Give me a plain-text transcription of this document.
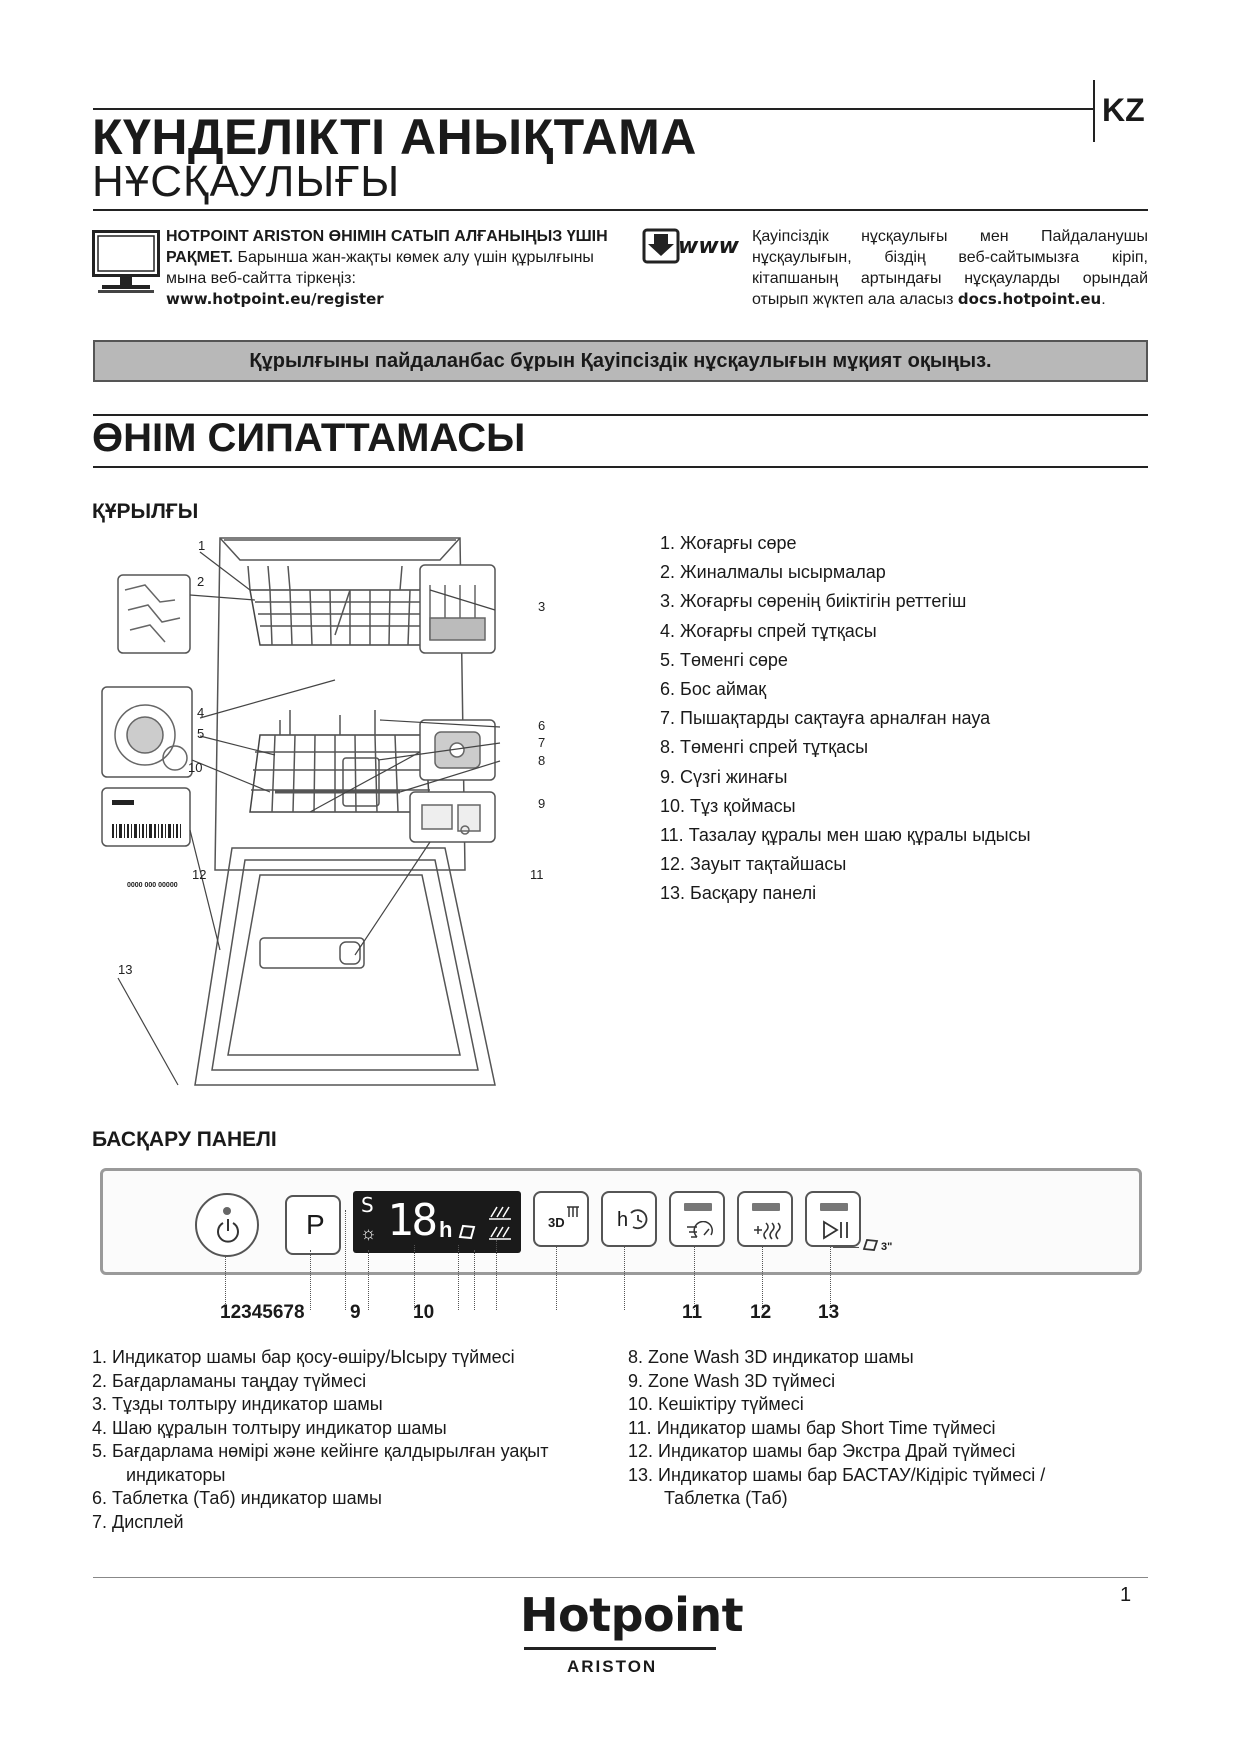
KZ
КҮНДЕЛІКТІ АНЫҚТАМА
НҰСҚАУЛЫҒЫ
HOTPOINT ARISTON ӨНІМІН САТЫП АЛҒАНЫҢЫЗ ҮШІН РАҚМЕТ. Барынша жан-жақты көмек алу үшін құрылғыны мына веб-сайтта тіркеңіз:
www.hotpoint.eu/register
www Қауіпсіздік нұсқаулығы мен Пайдаланушы нұсқаулығын, біздің веб-сайтымызға кіріп, кітапшаның артындағы нұсқауларды орындай отырып жүктеп ала аласыз docs.hotpoint.eu.
Құрылғыны пайдаланбас бұрын Қауіпсіздік нұсқаулығын мұқият оқыңыз.
ӨНІМ СИПАТТАМАСЫ
ҚҰРЫЛҒЫ
1
2
3
4
5
6
7
8
9
10
11
12
13
Service:
0000 000 00000
1. Жоғарғы сөре
2. Жиналмалы ысырмалар
3. Жоғарғы сөренің биіктігін реттегіш
4. Жоғарғы спрей тұтқасы
5. Төменгі сөре
6. Бос аймақ
7. Пышақтарды сақтауға арналған науа
8. Төменгі спрей тұтқасы
9. Сүзгі жинағы
10. Тұз қоймасы
11. Тазалау құралы мен шаю құралы ыдысы
12. Зауыт тақтайшасы
13. Басқару панелі
БАСҚАРУ ПАНЕЛІ
P
S
☼ 18 h	3D	h
3"
12345678 9	10	11	12 13
1. Индикатор шамы бар қосу-өшіру/Ысыру түймесі
2. Бағдарламаны таңдау түймесі
3. Тұзды толтыру индикатор шамы
4. Шаю құралын толтыру индикатор шамы
5. Бағдарлама нөмірі және кейінге қалдырылған уақыт индикаторы
6. Таблетка (Таб) индикатор шамы
7. Дисплей
8. Zone Wash 3D индикатор шамы
9. Zone Wash 3D түймесі
10. Кешіктіру түймесі
11. Индикатор шамы бар Short Time түймесі
12. Индикатор шамы бар Экстра Драй түймесі
13. Индикатор шамы бар БАСТАУ/Кідіріс түймесі / Таблетка (Таб)
1
Hotpoint
ARISTON
